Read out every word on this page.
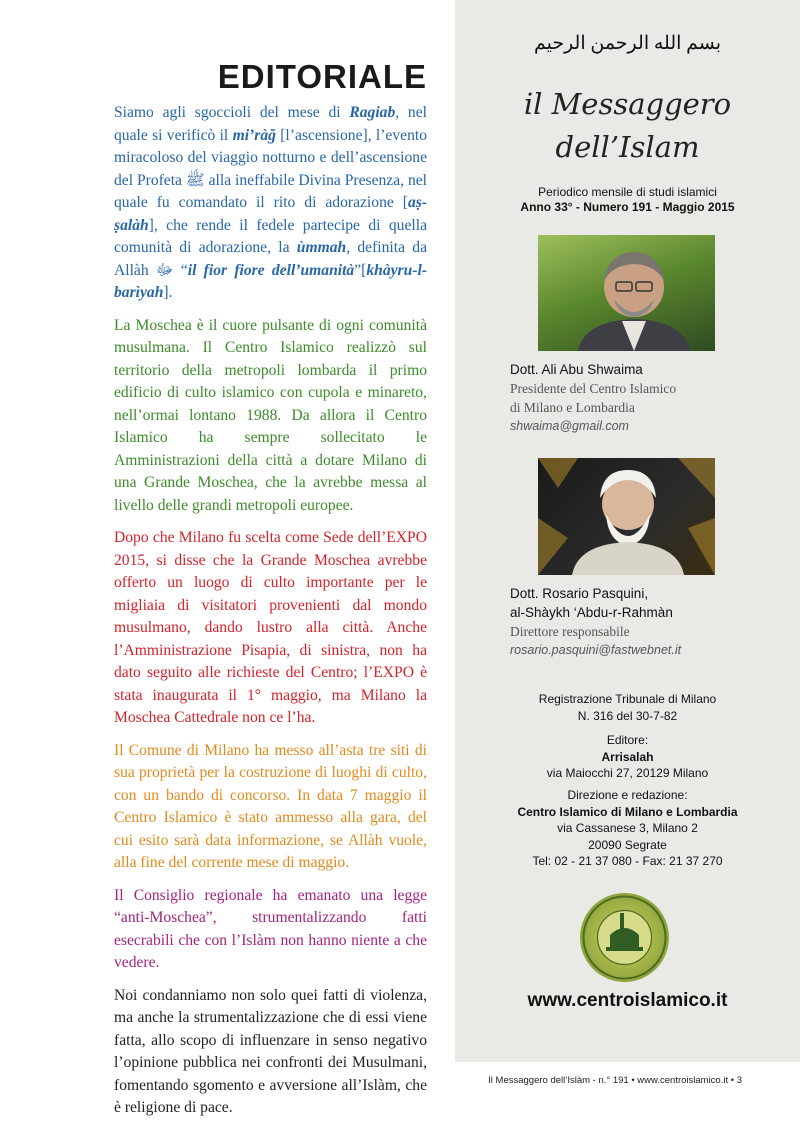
EDITORIALE

Siamo agli sgoccioli del mese di Ragiab, nel quale si verificò il mi’ràğ [l’ascensione], l’evento miracoloso del viaggio notturno e dell’ascensione del Profeta ﷺ alla ineffabile Divina Presenza, nel quale fu comandato il rito di adorazione [aṣ-ṣalàh], che rende il fedele partecipe di quella comunità di adorazione, la ùmmah, definita da Allàh ﷻ “il fior fiore dell’umanità”[khàyru-l-barìyah].

La Moschea è il cuore pulsante di ogni comunità musulmana. Il Centro Islamico realizzò sul territorio della metropoli lombarda il primo edificio di culto islamico con cupola e minareto, nell’ormai lontano 1988. Da allora il Centro Islamico ha sempre sollecitato le Amministrazioni della città a dotare Milano di una Grande Moschea, che la avrebbe messa al livello delle grandi metropoli europee.

Dopo che Milano fu scelta come Sede dell’EXPO 2015, si disse che la Grande Moschea avrebbe offerto un luogo di culto importante per le migliaia di visitatori provenienti dal mondo musulmano, dando lustro alla città. Anche l’Amministrazione Pisapia, di sinistra, non ha dato seguito alle richieste del Centro; l’EXPO è stata inaugurata il 1° maggio, ma Milano la Moschea Cattedrale non ce l’ha.

Il Comune di Milano ha messo all’asta tre siti di sua proprietà per la costruzione di luoghi di culto, con un bando di concorso. In data 7 maggio il Centro Islamico è stato ammesso alla gara, del cui esito sarà data informazione, se Allàh vuole, alla fine del corrente mese di maggio.

Il Consiglio regionale ha emanato una legge “anti-Moschea”, strumentalizzando fatti esecrabili che con l’Islàm non hanno niente a che vedere.

Noi condanniamo non solo quei fatti di violenza, ma anche la strumentalizzazione che di essi viene fatta, allo scopo di influenzare in senso negativo l’opinione pubblica nei confronti dei Musulmani, fomentando sgomento e avversione all’Islàm, che è religione di pace.

بسم الله الرحمن الرحيم
il Messaggero
dell’Islam
Periodico mensile di studi islamici
Anno 33° - Numero 191 - Maggio 2015
Dott. Ali Abu Shwaima
Presidente del Centro Islamico
di Milano e Lombardia
shwaima@gmail.com
Dott. Rosario Pasquini,
al-Shàykh ‘Abdu-r-Rahmàn
Direttore responsabile
rosario.pasquini@fastwebnet.it
Registrazione Tribunale di Milano
N. 316 del 30-7-82
Editore:
Arrisalah
via Maiocchi 27, 20129 Milano
Direzione e redazione:
Centro Islamico di Milano e Lombardia
via Cassanese 3, Milano 2
20090 Segrate
Tel: 02 - 21 37 080 - Fax: 21 37 270
www.centroislamico.it
Il Messaggero dell’Islàm - n.° 191 • www.centroislamico.it • 3
